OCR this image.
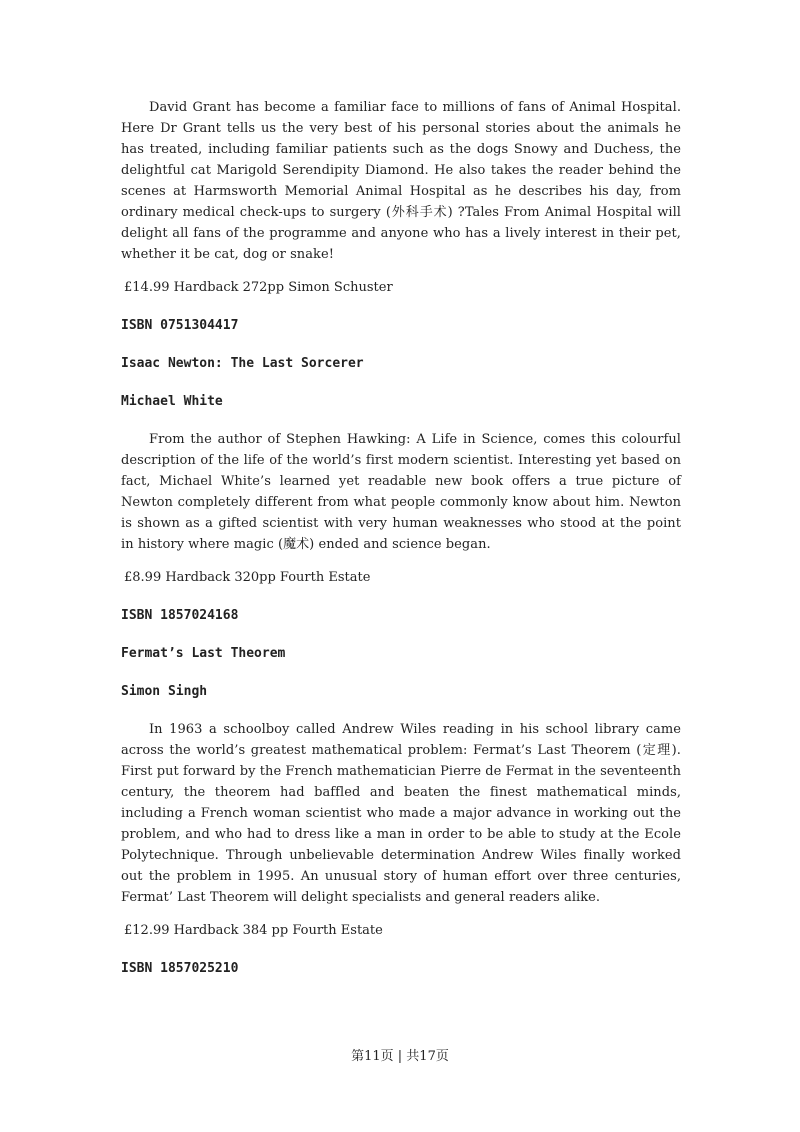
David Grant has become a familiar face to millions of fans of Animal Hospital. Here Dr Grant tells us the very best of his personal stories about the animals he has treated, including familiar patients such as the dogs Snowy and Duchess, the delightful cat Marigold Serendipity Diamond. He also takes the reader behind the scenes at Harmsworth Memorial Animal Hospital as he describes his day, from ordinary medical check-ups to surgery (外科手术) ?Tales From Animal Hospital will delight all fans of the programme and anyone who has a lively interest in their pet, whether it be cat, dog or snake!

£14.99 Hardback 272pp Simon Schuster

ISBN 0751304417

Isaac Newton: The Last Sorcerer

Michael White

From the author of Stephen Hawking: A Life in Science, comes this colourful description of the life of the world’s first modern scientist. Interesting yet based on fact, Michael White’s learned yet readable new book offers a true picture of Newton completely different from what people commonly know about him. Newton is shown as a gifted scientist with very human weaknesses who stood at the point in history where magic (魔术) ended and science began.

£8.99 Hardback 320pp Fourth Estate

ISBN 1857024168

Fermat’s Last Theorem

Simon Singh

In 1963 a schoolboy called Andrew Wiles reading in his school library came across the world’s greatest mathematical problem: Fermat’s Last Theorem (定理). First put forward by the French mathematician Pierre de Fermat in the seventeenth century, the theorem had baffled and beaten the finest mathematical minds, including a French woman scientist who made a major advance in working out the problem, and who had to dress like a man in order to be able to study at the Ecole Polytechnique. Through unbelievable determination Andrew Wiles finally worked out the problem in 1995. An unusual story of human effort over three centuries, Fermat’ Last Theorem will delight specialists and general readers alike.

£12.99 Hardback 384 pp Fourth Estate

ISBN 1857025210

第11页 | 共17页
